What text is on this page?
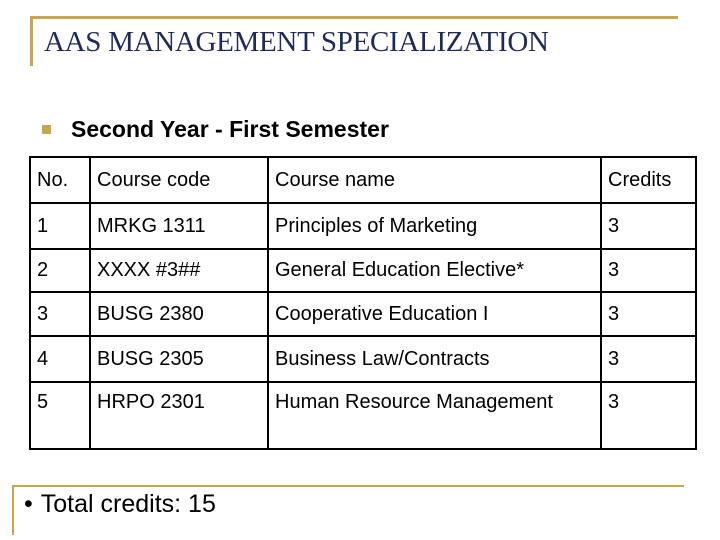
AAS MANAGEMENT SPECIALIZATION
Second Year - First Semester
No.	Course code	Course name	Credits
1	MRKG 1311	Principles of Marketing	3
2	XXXX #3##	General Education Elective*	3
3	BUSG 2380	Cooperative Education I	3
4	BUSG 2305	Business Law/Contracts	3
5	HRPO 2301	Human Resource Management	3
• Total credits: 15
